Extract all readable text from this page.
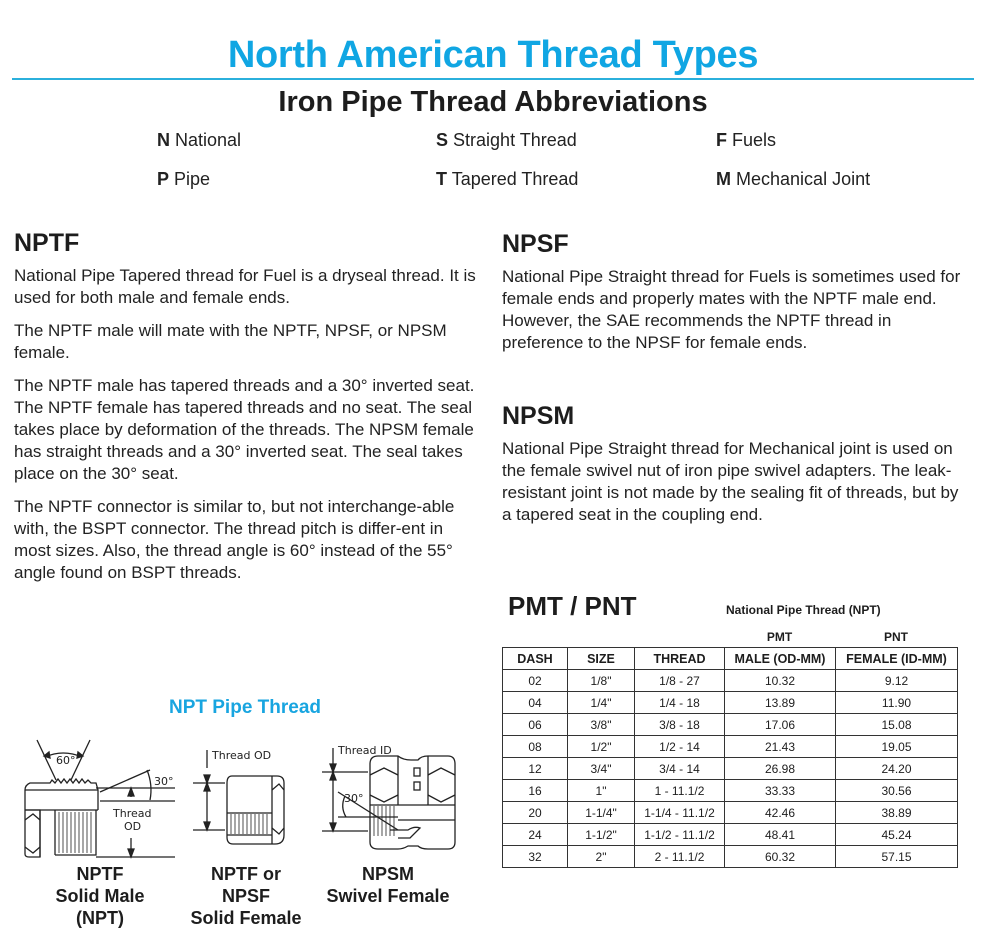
North American Thread Types
Iron Pipe Thread Abbreviations
N National	S Straight Thread	F Fuels
P Pipe	T Tapered Thread	M Mechanical Joint
NPTF

National Pipe Tapered thread for Fuel is a dryseal thread. It is used for both male and female ends.

The NPTF male will mate with the NPTF, NPSF, or NPSM female.

The NPTF male has tapered threads and a 30° inverted seat. The NPTF female has tapered threads and no seat. The seal takes place by deformation of the threads. The NPSM female has straight threads and a 30° inverted seat. The seal takes place on the 30° seat.

The NPTF connector is similar to, but not interchange-able with, the BSPT connector. The thread pitch is differ-ent in most sizes. Also, the thread angle is 60° instead of the 55° angle found on BSPT threads.

NPSF

National Pipe Straight thread for Fuels is sometimes used for female ends and properly mates with the NPTF male end. However, the SAE recommends the NPTF thread in preference to the NPSF for female ends.

NPSM

National Pipe Straight thread for Mechanical joint is used on the female swivel nut of iron pipe swivel adapters. The leak-resistant joint is not made by the sealing fit of threads, but by a tapered seat in the coupling end.

NPT Pipe Thread
60°
30°
Thread
OD
Thread OD	Thread ID
30°
NPTF
Solid Male
(NPT)
NPTF or
NPSF
Solid Female
NPSM
Swivel Female
PMT / PNT	National Pipe Thread (NPT)
PMT	PNT
DASH	SIZE	THREAD	MALE (OD-MM)	FEMALE (ID-MM)
02	1/8"	1/8 - 27	10.32	9.12
04	1/4"	1/4 - 18	13.89	11.90
06	3/8"	3/8 - 18	17.06	15.08
08	1/2"	1/2 - 14	21.43	19.05
12	3/4"	3/4 - 14	26.98	24.20
16	1"	1 - 11.1/2	33.33	30.56
20	1-1/4"	1-1/4 - 11.1/2	42.46	38.89
24	1-1/2"	1-1/2 - 11.1/2	48.41	45.24
32	2"	2 - 11.1/2	60.32	57.15
